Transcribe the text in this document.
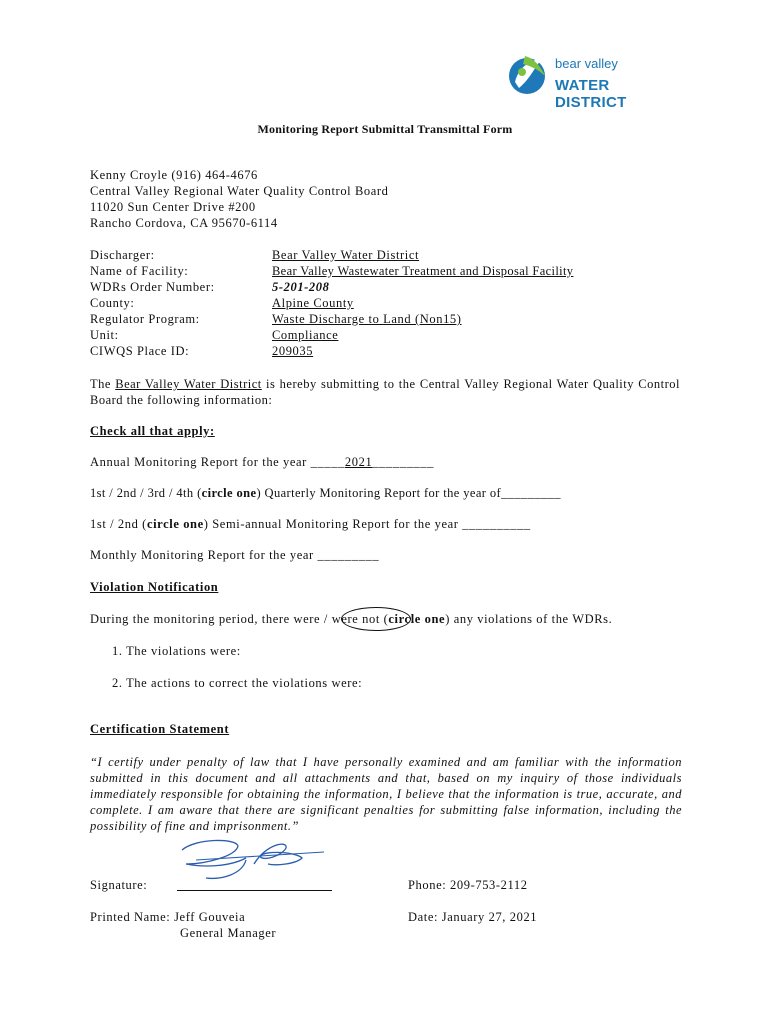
bear valley
WATER DISTRICT
Monitoring Report Submittal Transmittal Form
Kenny Croyle (916) 464-4676
Central Valley Regional Water Quality Control Board
11020 Sun Center Drive #200
Rancho Cordova, CA 95670-6114
Discharger:	Bear Valley Water District
Name of Facility:	Bear Valley Wastewater Treatment and Disposal Facility
WDRs Order Number:	5-201-208
County:	Alpine County
Regulator Program:	Waste Discharge to Land (Non15)
Unit:	Compliance
CIWQS Place ID:	209035
The Bear Valley Water District is hereby submitting to the Central Valley Regional Water Quality Control Board the following information:
Check all that apply:
Annual Monitoring Report for the year _____2021_________
1st / 2nd / 3rd / 4th (circle one) Quarterly Monitoring Report for the year of_________
1st / 2nd (circle one) Semi-annual Monitoring Report for the year __________
Monthly Monitoring Report for the year _________
Violation Notification
During the monitoring period, there were / were not (circle one) any violations of the WDRs.
1. The violations were:
2. The actions to correct the violations were:
Certification Statement
“I certify under penalty of law that I have personally examined and am familiar with the information submitted in this document and all attachments and that, based on my inquiry of those individuals immediately responsible for obtaining the information, I believe that the information is true, accurate, and complete. I am aware that there are significant penalties for submitting false information, including the possibility of fine and imprisonment.”
Signature:	Phone: 209-753-2112
Printed Name: Jeff Gouveia
General Manager
Date: January 27, 2021
